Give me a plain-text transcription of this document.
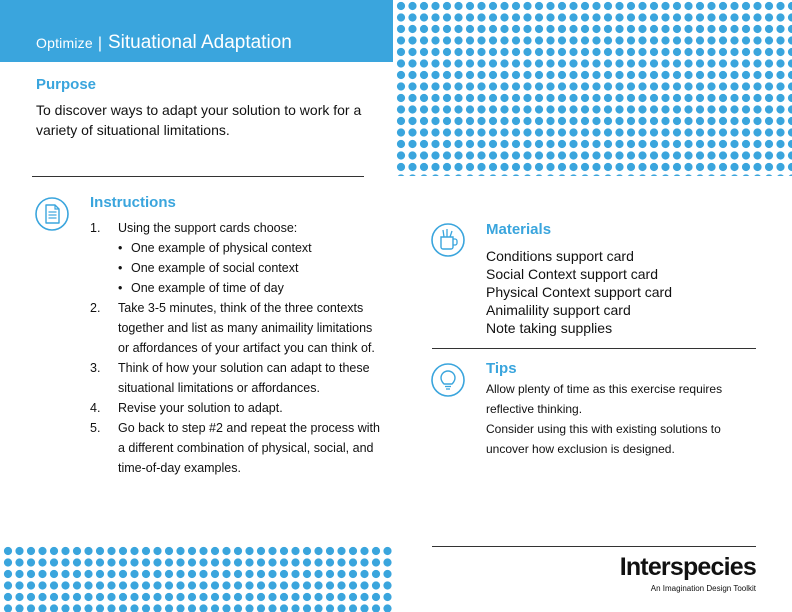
Optimize | Situational Adaptation
Purpose
To discover ways to adapt your solution to work for a variety of situational limitations.
Instructions
1. Using the support cards choose:
• One example of physical context
• One example of social context
• One example of time of day
2. Take 3-5 minutes, think of the three contexts together and list as many animaility limitations or affordances of your artifact you can think of.
3. Think of how your solution can adapt to these situational limitations or affordances.
4. Revise your solution to adapt.
5. Go back to step #2 and repeat the process with a different combination of physical, social, and time-of-day examples.
Materials
Conditions support card
Social Context support card
Physical Context support card
Animalility support card
Note taking supplies
Tips

Allow plenty of time as this exercise requires reflective thinking.

Consider using this with existing solutions to uncover how exclusion is designed.

Interspecies
An Imagination Design Toolkit
